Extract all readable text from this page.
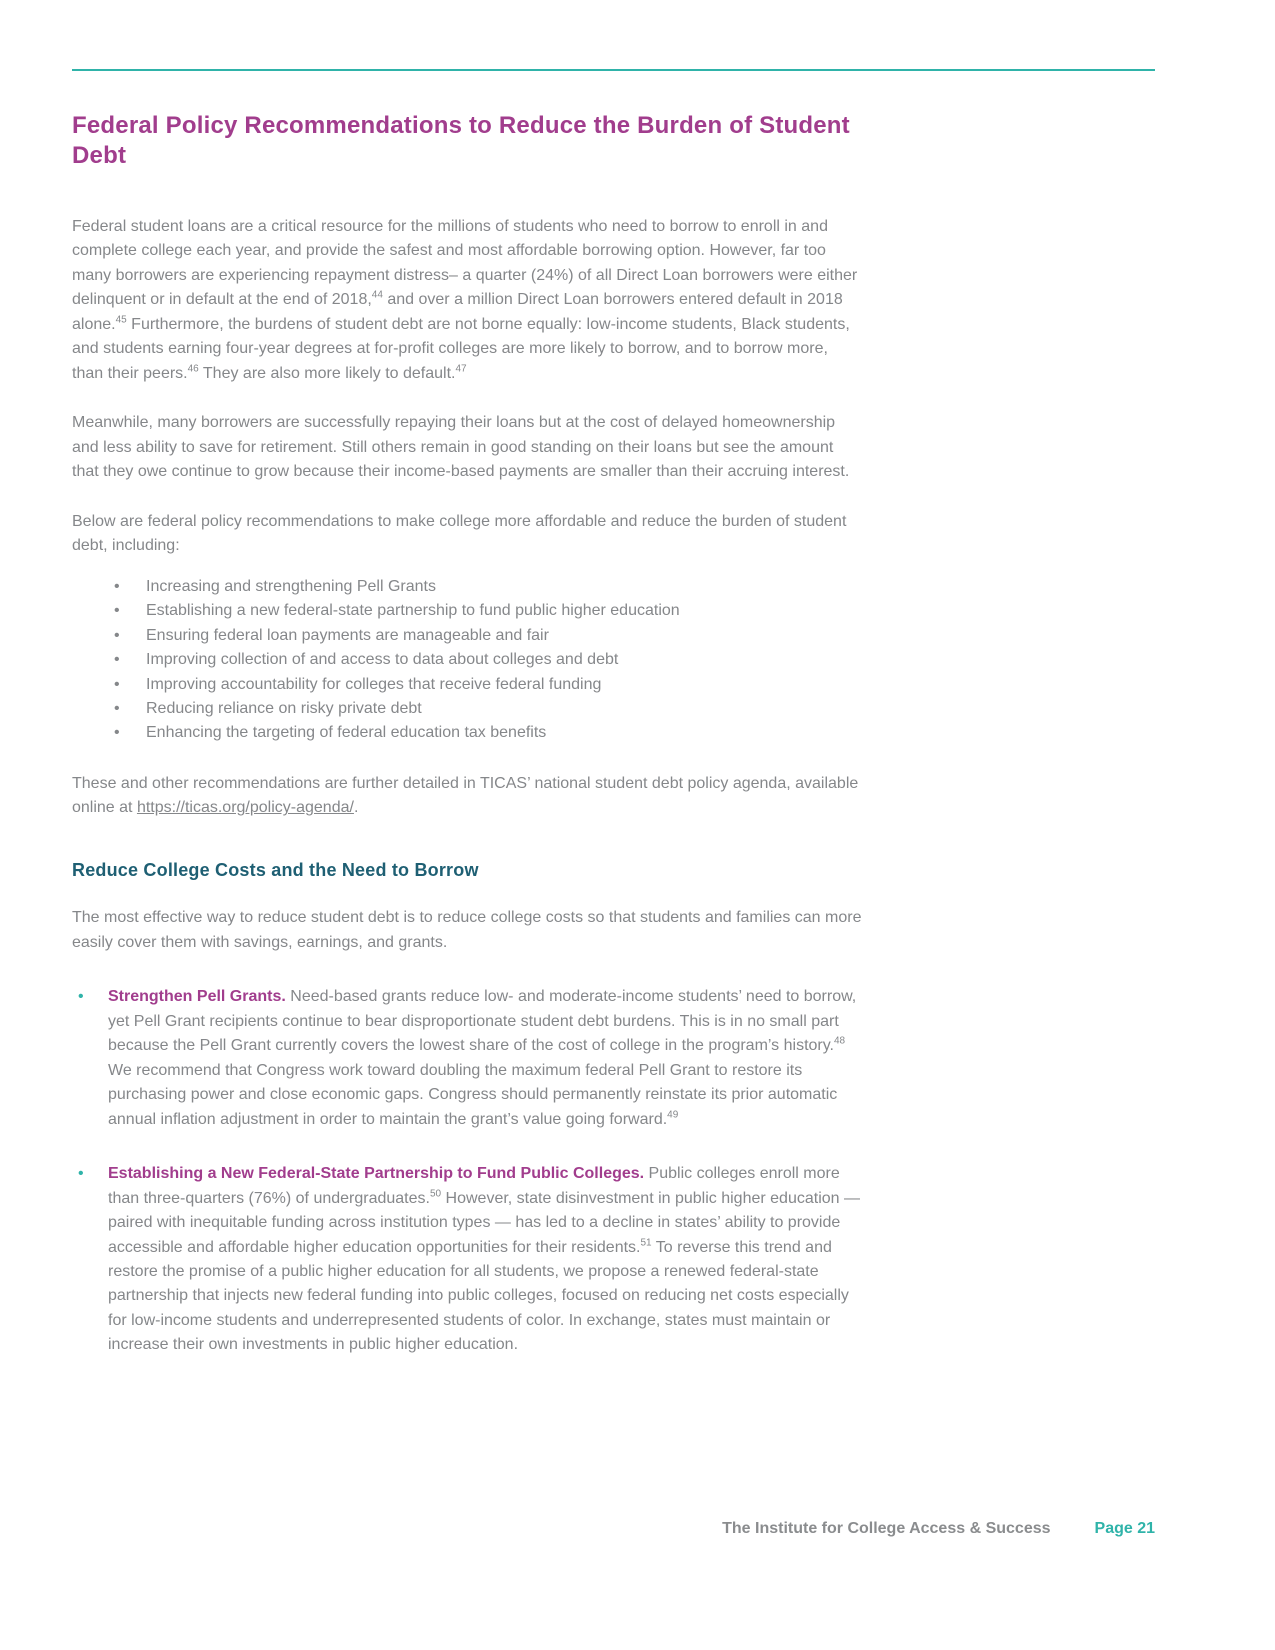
Federal Policy Recommendations to Reduce the Burden of Student Debt

Federal student loans are a critical resource for the millions of students who need to borrow to enroll in and complete college each year, and provide the safest and most affordable borrowing option. However, far too many borrowers are experiencing repayment distress– a quarter (24%) of all Direct Loan borrowers were either delinquent or in default at the end of 2018,44 and over a million Direct Loan borrowers entered default in 2018 alone.$^{45}$ Furthermore, the burdens of student debt are not borne equally: low-income students, Black students, and students earning four-year degrees at for-profit colleges are more likely to borrow, and to borrow more, than their peers.$^{46}$ They are also more likely to default.$^{47}$

Meanwhile, many borrowers are successfully repaying their loans but at the cost of delayed homeownership and less ability to save for retirement. Still others remain in good standing on their loans but see the amount that they owe continue to grow because their income-based payments are smaller than their accruing interest.

Below are federal policy recommendations to make college more affordable and reduce the burden of student debt, including:

• Increasing and strengthening Pell Grants
• Establishing a new federal-state partnership to fund public higher education
• Ensuring federal loan payments are manageable and fair
• Improving collection of and access to data about colleges and debt
• Improving accountability for colleges that receive federal funding
• Reducing reliance on risky private debt
• Enhancing the targeting of federal education tax benefits

These and other recommendations are further detailed in TICAS’ national student debt policy agenda, available online at https://ticas.org/policy-agenda/.

Reduce College Costs and the Need to Borrow

The most effective way to reduce student debt is to reduce college costs so that students and families can more easily cover them with savings, earnings, and grants.

• Strengthen Pell Grants. Need-based grants reduce low- and moderate-income students’ need to borrow, yet Pell Grant recipients continue to bear disproportionate student debt burdens. This is in no small part because the Pell Grant currently covers the lowest share of the cost of college in the program’s history.$^{48}$ We recommend that Congress work toward doubling the maximum federal Pell Grant to restore its purchasing power and close economic gaps. Congress should permanently reinstate its prior automatic annual inflation adjustment in order to maintain the grant’s value going forward.$^{49}$
• Establishing a New Federal-State Partnership to Fund Public Colleges. Public colleges enroll more than three-quarters (76%) of undergraduates.$^{50}$ However, state disinvestment in public higher education — paired with inequitable funding across institution types — has led to a decline in states’ ability to provide accessible and affordable higher education opportunities for their residents.$^{51}$ To reverse this trend and restore the promise of a public higher education for all students, we propose a renewed federal-state partnership that injects new federal funding into public colleges, focused on reducing net costs especially for low-income students and underrepresented students of color. In exchange, states must maintain or increase their own investments in public higher education.
The Institute for College Access & Success	Page 21
